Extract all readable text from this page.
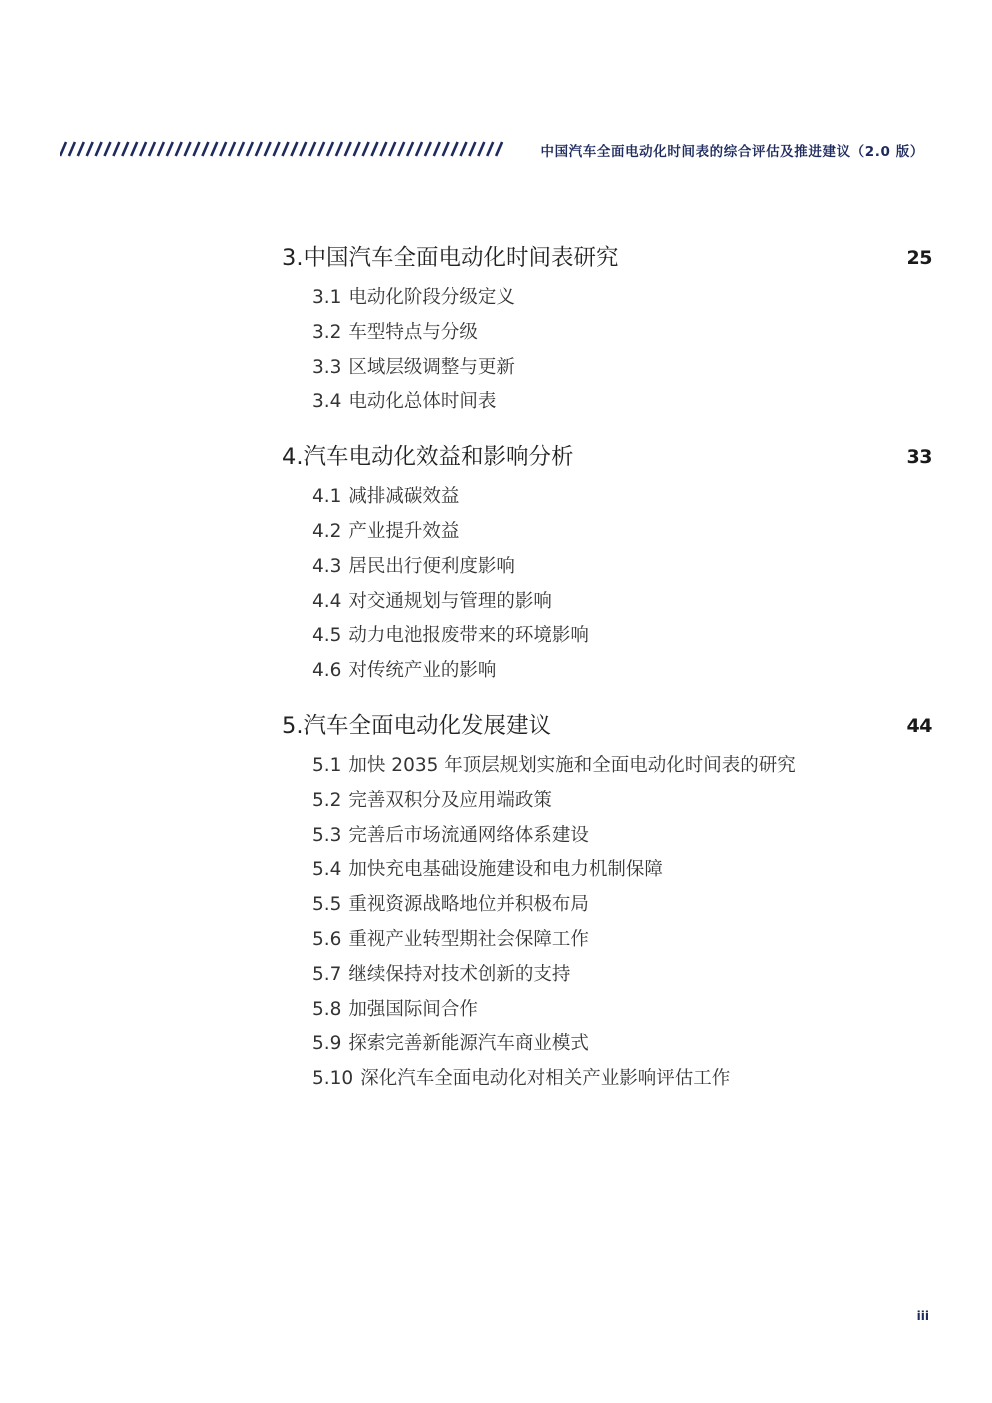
中国汽车全面电动化时间表的综合评估及推进建议（2.0 版）
3.中国汽车全面电动化时间表研究	25
3.1 电动化阶段分级定义
3.2 车型特点与分级
3.3 区域层级调整与更新
3.4 电动化总体时间表
4.汽车电动化效益和影响分析	33
4.1 减排减碳效益
4.2 产业提升效益
4.3 居民出行便利度影响
4.4 对交通规划与管理的影响
4.5 动力电池报废带来的环境影响
4.6 对传统产业的影响
5.汽车全面电动化发展建议	44
5.1 加快 2035 年顶层规划实施和全面电动化时间表的研究
5.2 完善双积分及应用端政策
5.3 完善后市场流通网络体系建设
5.4 加快充电基础设施建设和电力机制保障
5.5 重视资源战略地位并积极布局
5.6 重视产业转型期社会保障工作
5.7 继续保持对技术创新的支持
5.8 加强国际间合作
5.9 探索完善新能源汽车商业模式
5.10 深化汽车全面电动化对相关产业影响评估工作
iii
